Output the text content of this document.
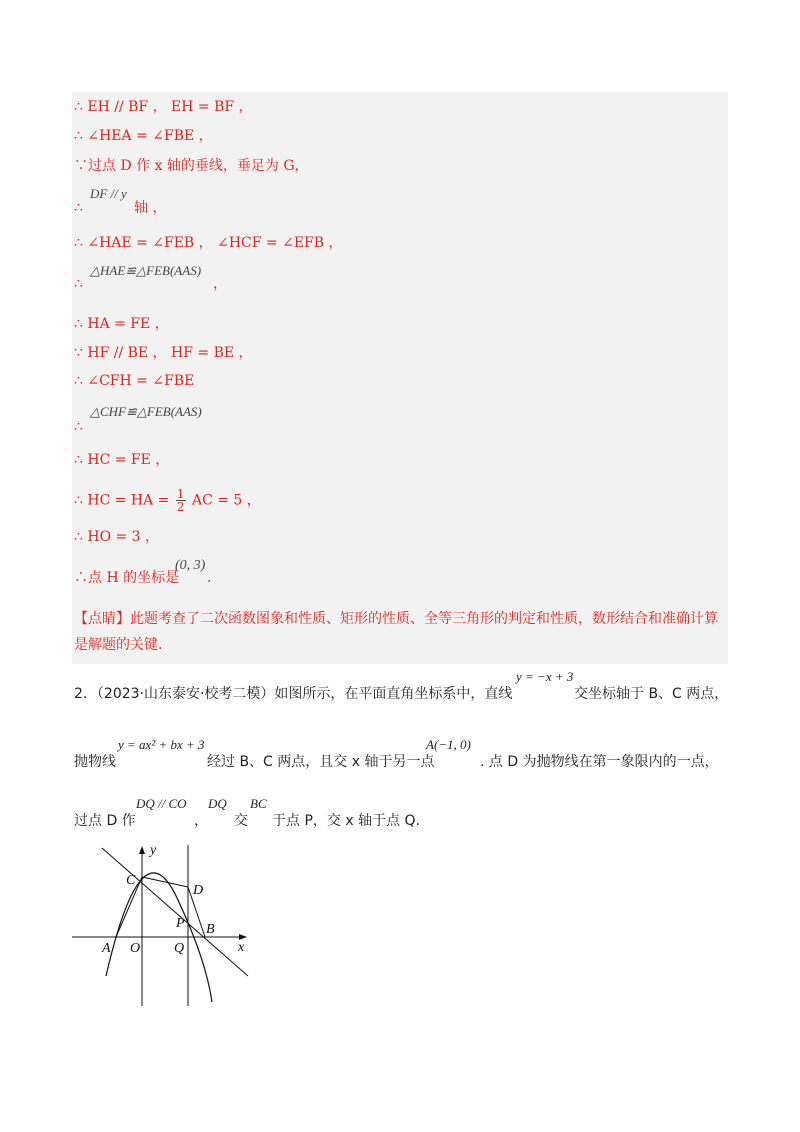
∴ EH // BF ， EH = BF ，
∴ ∠HEA = ∠FBE ，
∵过点 D 作 x 轴的垂线，垂足为 G，
DF // y
∴	轴 ，
∴ ∠HAE = ∠FEB ， ∠HCF = ∠EFB ，
△HAE≌△FEB(AAS)
∴	，
∴ HA = FE ，
∵ HF // BE ， HF = BE ，
∴ ∠CFH = ∠FBE
△CHF≌△FEB(AAS)
∴
∴ HC = FE ，
∴ HC = HA = $\frac{1}{2}$ AC = 5 ，
∴ HO = 3 ，
∴点 H 的坐标是
(0, 3)
.
【点睛】此题考查了二次函数图象和性质、矩形的性质、全等三角形的判定和性质，数形结合和准确计算是解题的关键.
2．（2023·山东泰安·校考二模）如图所示，在平面直角坐标系中，直线
y = −x + 3
交坐标轴于 B、C 两点，
抛物线
y = ax² + bx + 3
经过 B、C 两点，且交 x 轴于另一点
A(−1, 0)
. 点 D 为抛物线在第一象限内的一点，
过点 D 作
DQ // CO
，
DQ
交
BC
于点 P，交 x 轴于点 Q.
y
x
C
D
P B
A O Q
